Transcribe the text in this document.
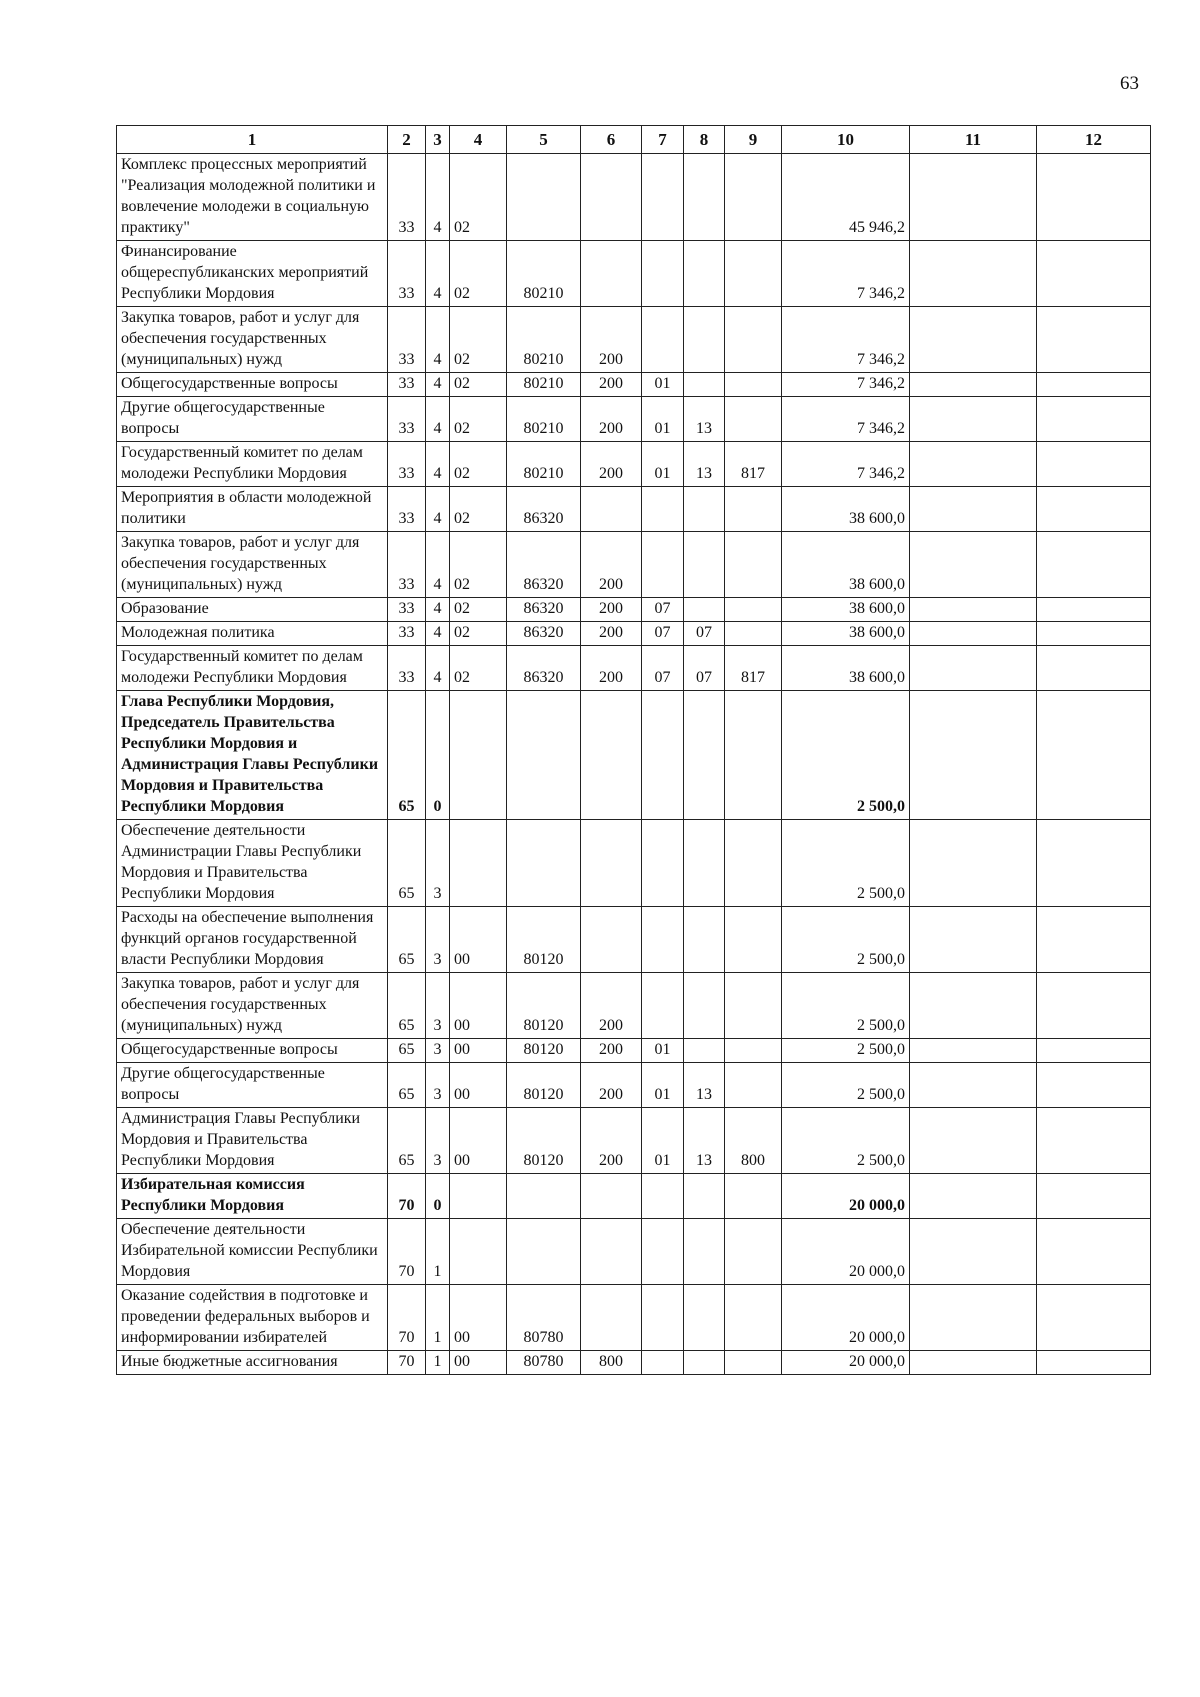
63
1	2	3	4	5	6	7	8	9	10	11	12
Комплекс процессных мероприятий "Реализация молодежной политики и вовлечение молодежи в социальную практику"	33	4	02						45 946,2		
Финансирование общереспубликанских мероприятий Республики Мордовия	33	4	02	80210					7 346,2		
Закупка товаров, работ и услуг для обеспечения государственных (муниципальных) нужд	33	4	02	80210	200				7 346,2		
Общегосударственные вопросы	33	4	02	80210	200	01			7 346,2		
Другие общегосударственные вопросы	33	4	02	80210	200	01	13		7 346,2		
Государственный комитет по делам молодежи Республики Мордовия	33	4	02	80210	200	01	13	817	7 346,2		
Мероприятия в области молодежной политики	33	4	02	86320					38 600,0		
Закупка товаров, работ и услуг для обеспечения государственных (муниципальных) нужд	33	4	02	86320	200				38 600,0		
Образование	33	4	02	86320	200	07			38 600,0		
Молодежная политика	33	4	02	86320	200	07	07		38 600,0		
Государственный комитет по делам молодежи Республики Мордовия	33	4	02	86320	200	07	07	817	38 600,0		
Глава Республики Мордовия, Председатель Правительства Республики Мордовия и Администрация Главы Республики Мордовия и Правительства Республики Мордовия	65	0							2 500,0		
Обеспечение деятельности Администрации Главы Республики Мордовия и Правительства Республики Мордовия	65	3							2 500,0		
Расходы на обеспечение выполнения функций органов государственной власти Республики Мордовия	65	3	00	80120					2 500,0		
Закупка товаров, работ и услуг для обеспечения государственных (муниципальных) нужд	65	3	00	80120	200				2 500,0		
Общегосударственные вопросы	65	3	00	80120	200	01			2 500,0		
Другие общегосударственные вопросы	65	3	00	80120	200	01	13		2 500,0		
Администрация Главы Республики Мордовия и Правительства Республики Мордовия	65	3	00	80120	200	01	13	800	2 500,0		
Избирательная комиссия Республики Мордовия	70	0							20 000,0		
Обеспечение деятельности Избирательной комиссии Республики Мордовия	70	1							20 000,0		
Оказание содействия в подготовке и проведении федеральных выборов и информировании избирателей	70	1	00	80780					20 000,0		
Иные бюджетные ассигнования	70	1	00	80780	800				20 000,0		
